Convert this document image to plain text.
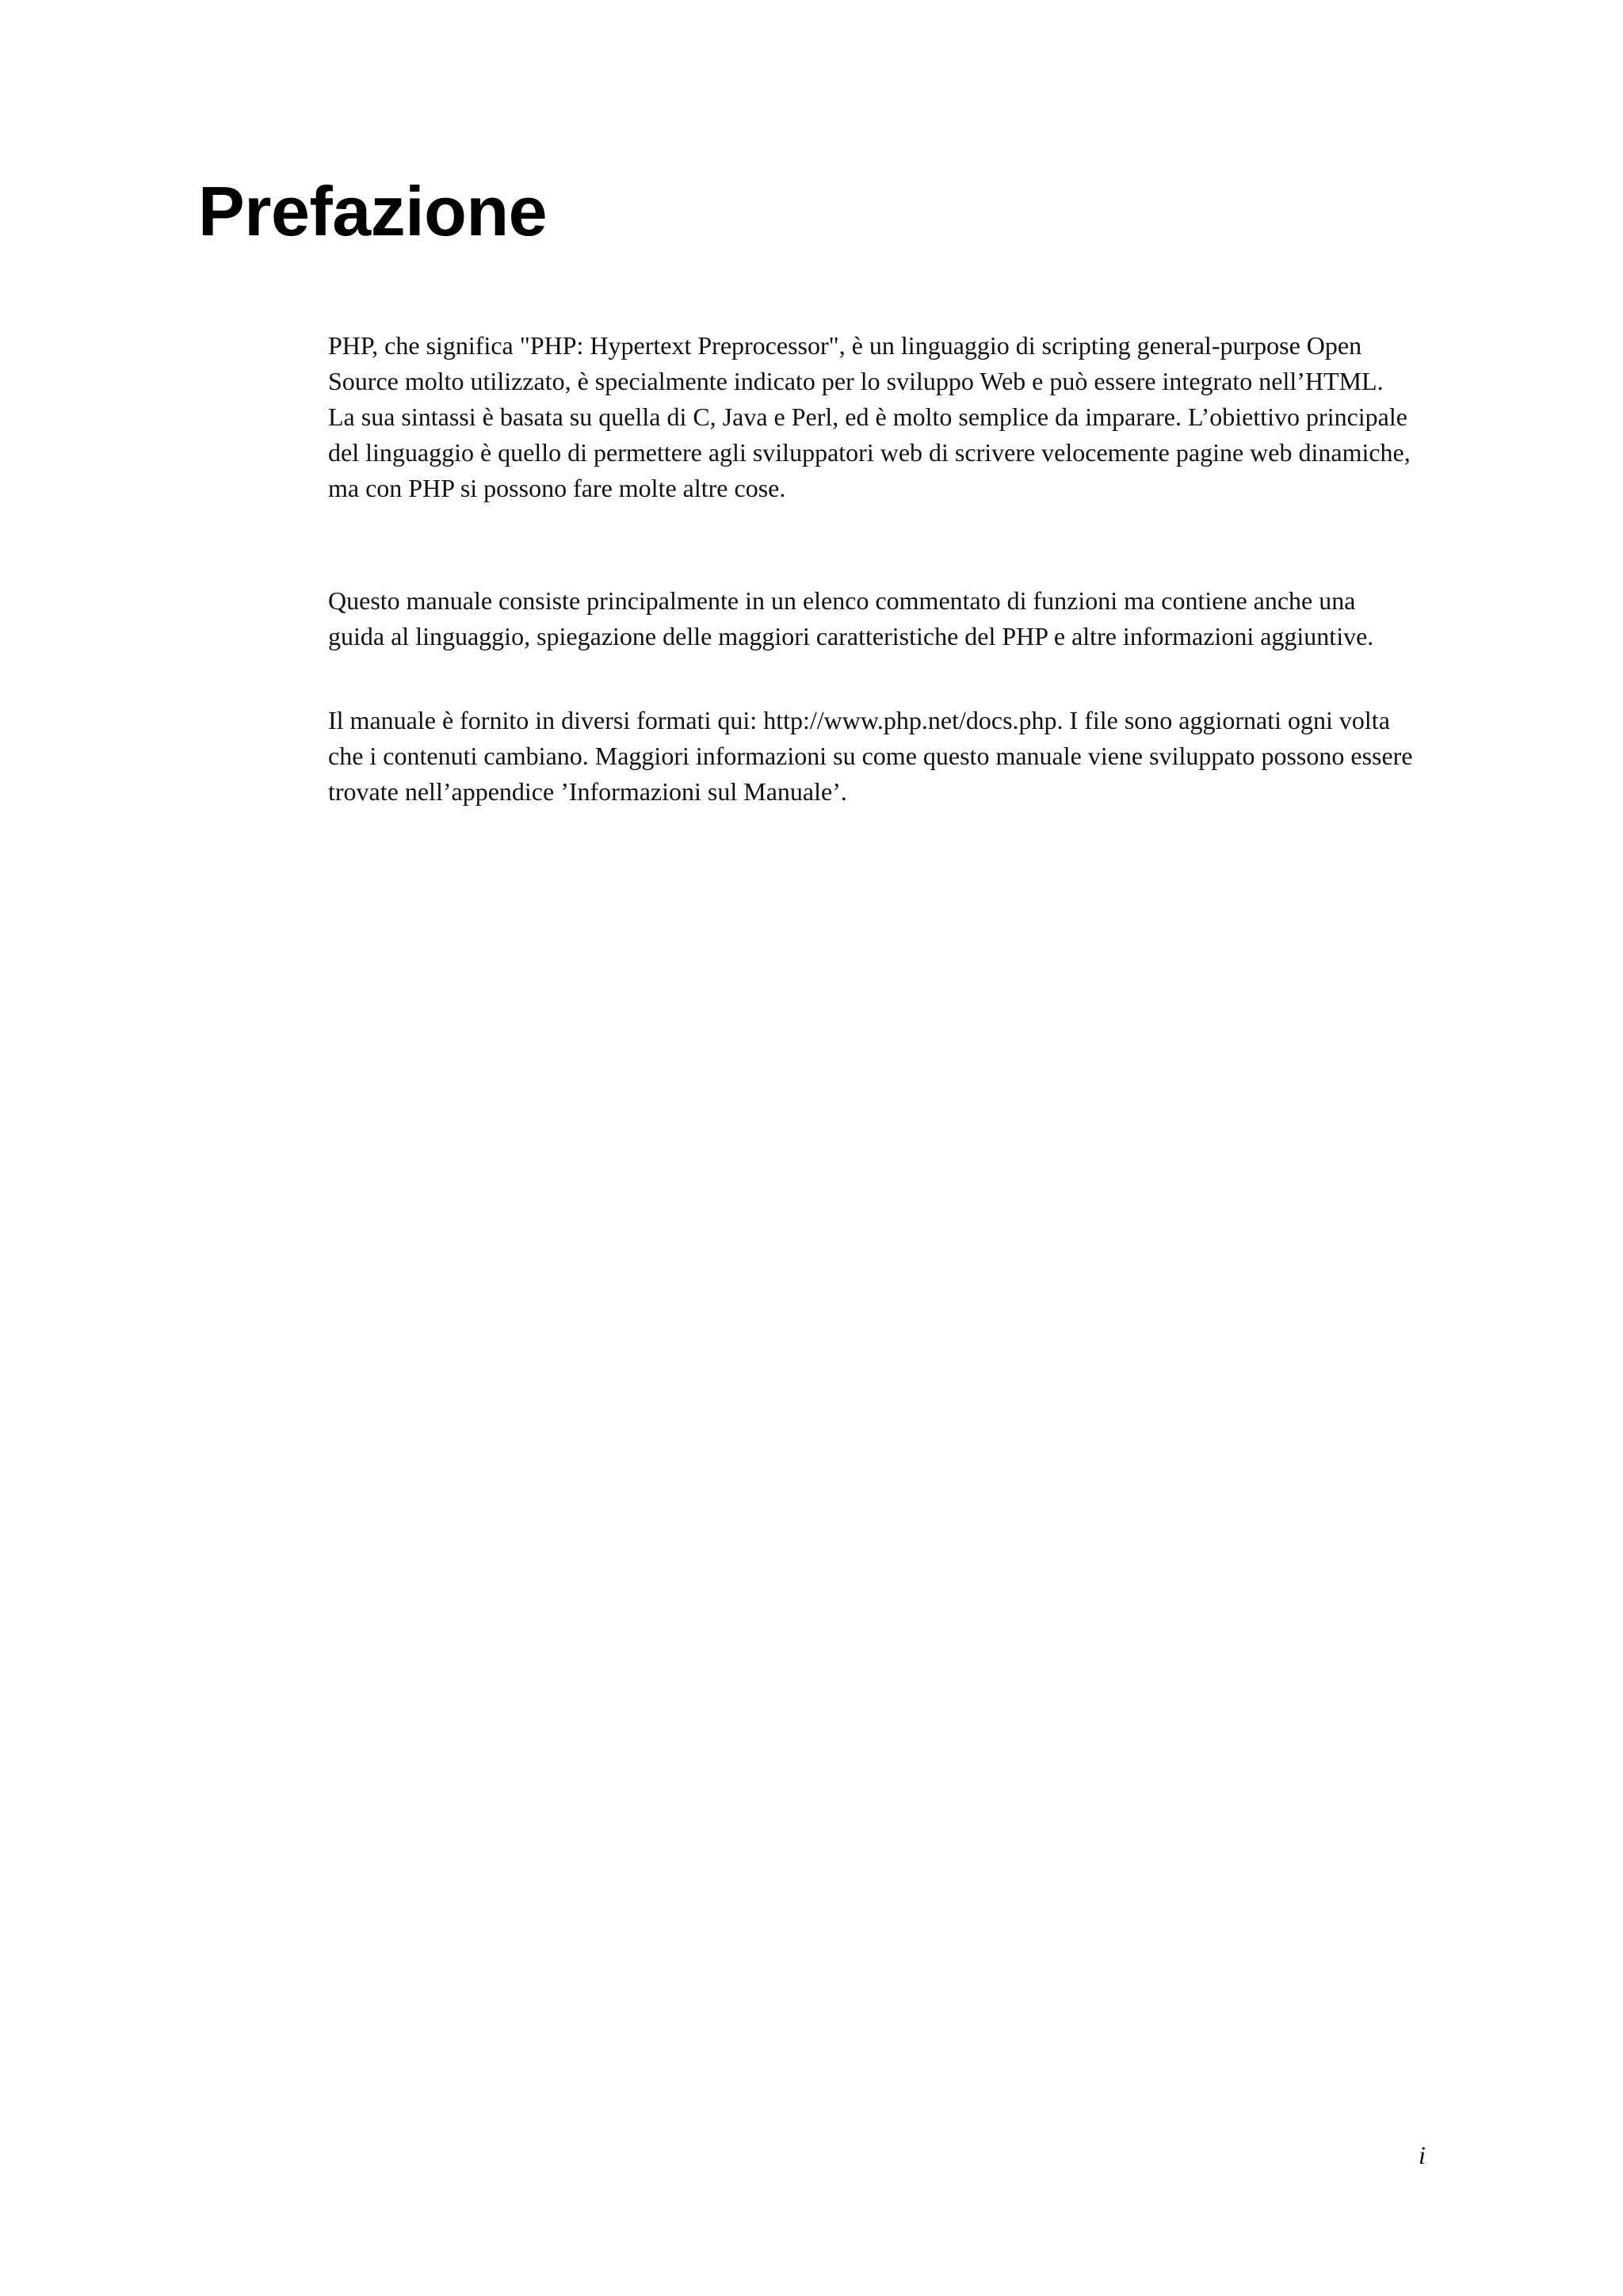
Prefazione

PHP, che significa "PHP: Hypertext Preprocessor", è un linguaggio di scripting general-purpose Open Source molto utilizzato, è specialmente indicato per lo sviluppo Web e può essere integrato nell’HTML. La sua sintassi è basata su quella di C, Java e Perl, ed è molto semplice da imparare. L’obiettivo principale del linguaggio è quello di permettere agli sviluppatori web di scrivere velocemente pagine web dinamiche, ma con PHP si possono fare molte altre cose.

Questo manuale consiste principalmente in un elenco commentato di funzioni ma contiene anche una guida al linguaggio, spiegazione delle maggiori caratteristiche del PHP e altre informazioni aggiuntive.

Il manuale è fornito in diversi formati qui: http://www.php.net/docs.php. I file sono aggiornati ogni volta che i contenuti cambiano. Maggiori informazioni su come questo manuale viene sviluppato possono essere trovate nell’appendice ’Informazioni sul Manuale’.

i
